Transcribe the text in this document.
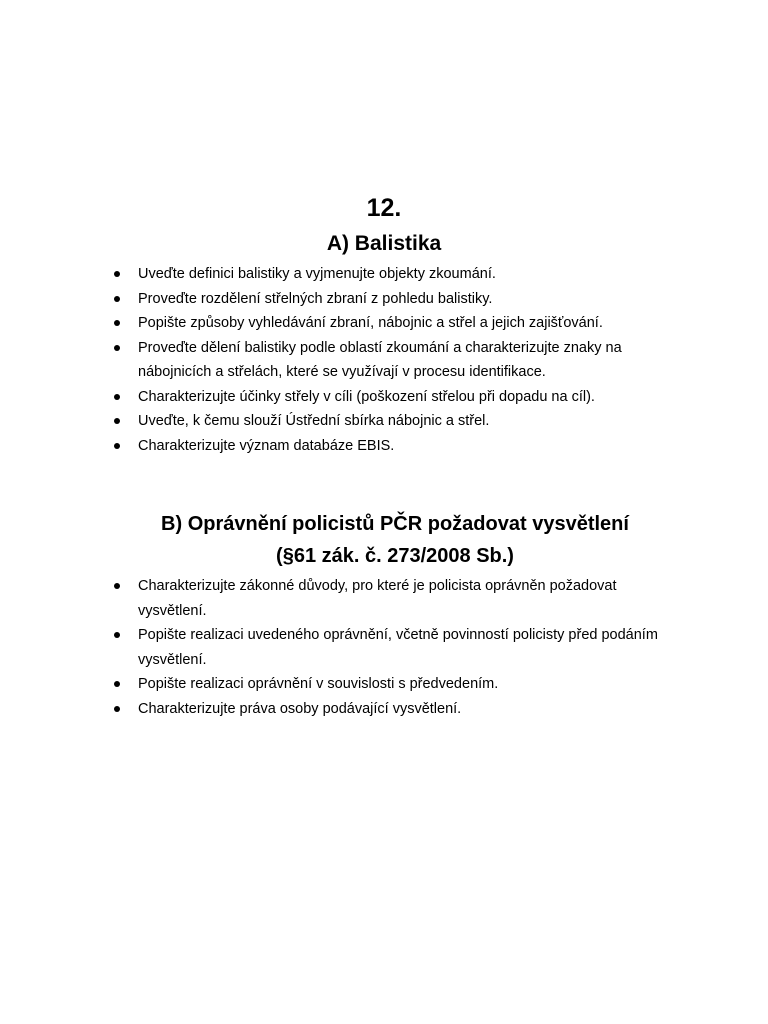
12.
A) Balistika
Uveďte definici balistiky a vyjmenujte objekty zkoumání.
Proveďte rozdělení střelných zbraní z pohledu balistiky.
Popište způsoby vyhledávání zbraní, nábojnic a střel a jejich zajišťování.
Proveďte dělení balistiky podle oblastí zkoumání a charakterizujte znaky na nábojnicích a střelách, které se využívají v procesu identifikace.
Charakterizujte účinky střely v cíli (poškození střelou při dopadu na cíl).
Uveďte, k čemu slouží Ústřední sbírka nábojnic a střel.
Charakterizujte význam databáze EBIS.
B) Oprávnění policistů PČR požadovat vysvětlení
(§61 zák. č. 273/2008 Sb.)
Charakterizujte zákonné důvody, pro které je policista oprávněn požadovat vysvětlení.
Popište realizaci uvedeného oprávnění, včetně povinností policisty před podáním vysvětlení.
Popište realizaci oprávnění v souvislosti s předvedením.
Charakterizujte práva osoby podávající vysvětlení.
